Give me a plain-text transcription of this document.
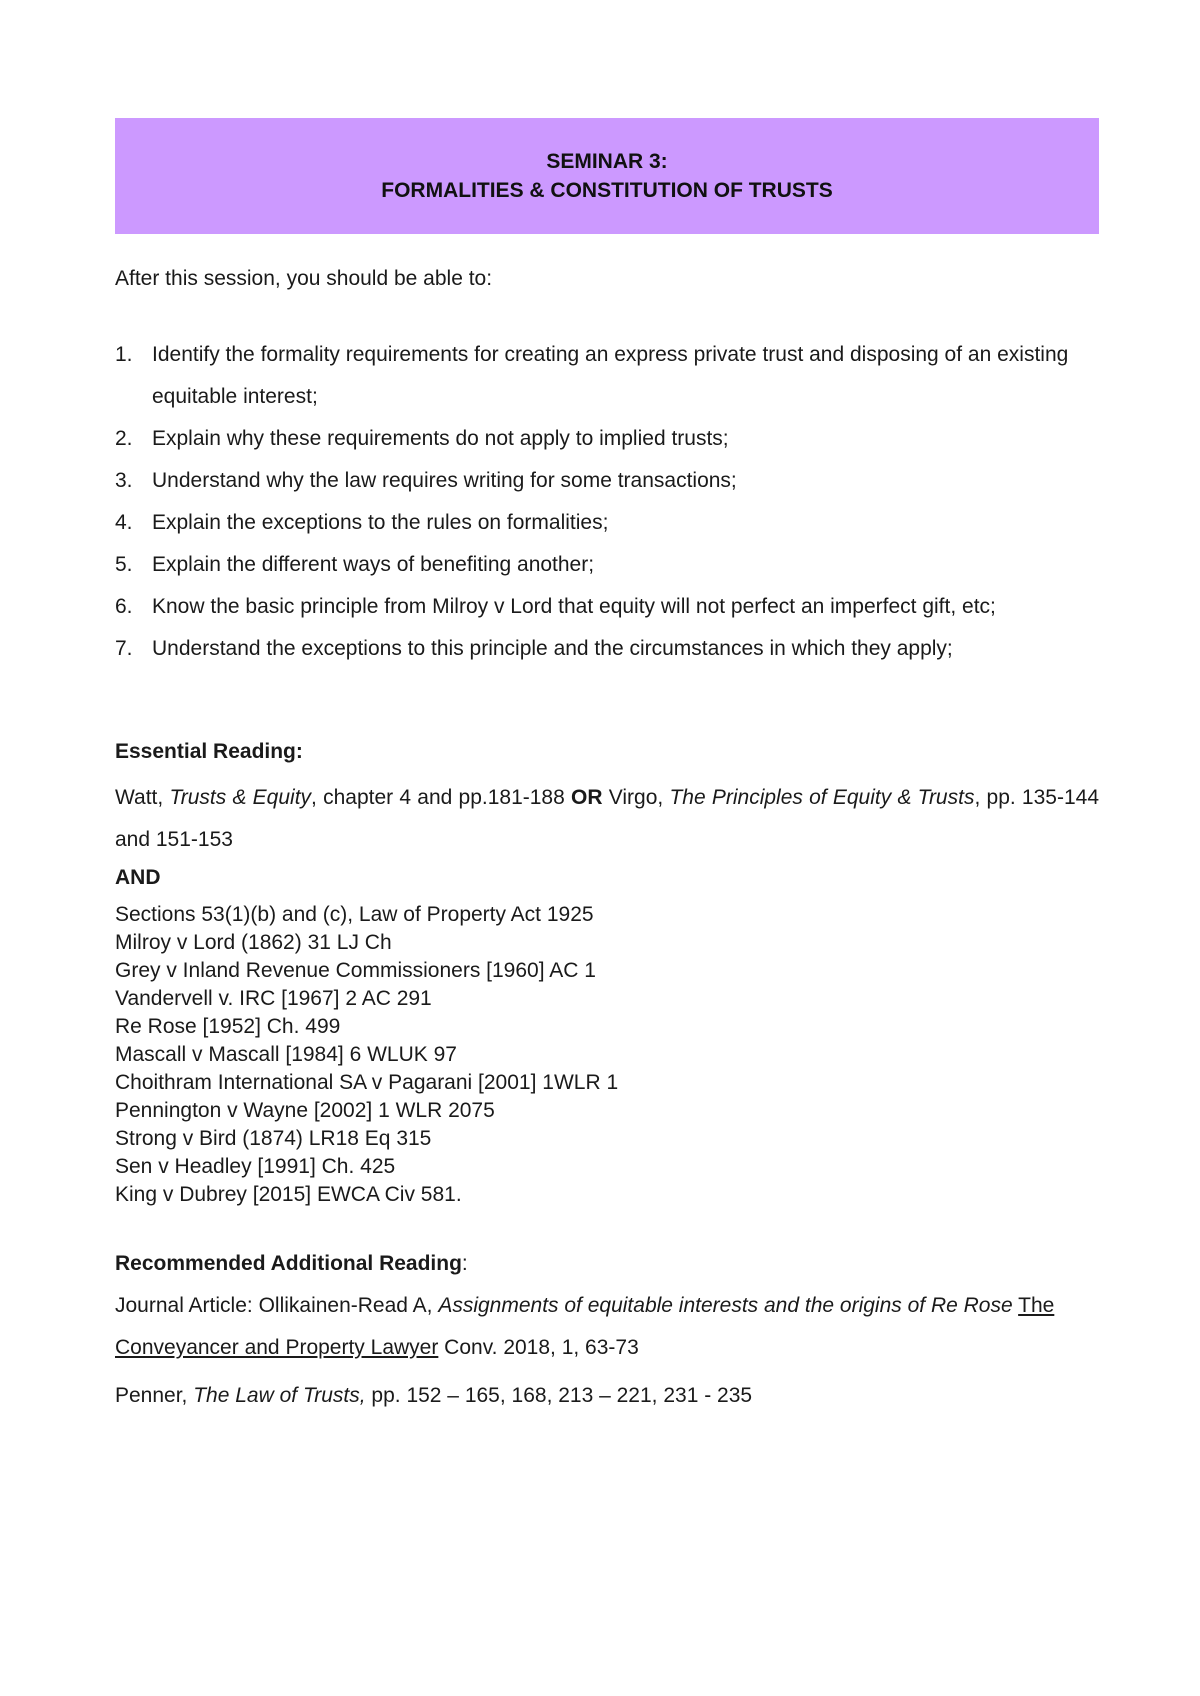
SEMINAR 3:
FORMALITIES & CONSTITUTION OF TRUSTS
After this session, you should be able to:
1. Identify the formality requirements for creating an express private trust and disposing of an existing equitable interest;
2. Explain why these requirements do not apply to implied trusts;
3. Understand why the law requires writing for some transactions;
4. Explain the exceptions to the rules on formalities;
5. Explain the different ways of benefiting another;
6. Know the basic principle from Milroy v Lord that equity will not perfect an imperfect gift, etc;
7. Understand the exceptions to this principle and the circumstances in which they apply;
Essential Reading:
Watt, Trusts & Equity, chapter 4 and pp.181-188 OR Virgo, The Principles of Equity & Trusts, pp. 135-144 and 151-153
AND
Sections 53(1)(b) and (c), Law of Property Act 1925
Milroy v Lord (1862) 31 LJ Ch
Grey v Inland Revenue Commissioners [1960] AC 1
Vandervell v. IRC [1967] 2 AC 291
Re Rose [1952] Ch. 499
Mascall v Mascall [1984] 6 WLUK 97
Choithram International SA v Pagarani [2001] 1WLR 1
Pennington v Wayne [2002] 1 WLR 2075
Strong v Bird (1874) LR18 Eq 315
Sen v Headley [1991] Ch. 425
King v Dubrey [2015] EWCA Civ 581.
Recommended Additional Reading:
Journal Article: Ollikainen-Read A, Assignments of equitable interests and the origins of Re Rose The Conveyancer and Property Lawyer Conv. 2018, 1, 63-73
Penner, The Law of Trusts, pp. 152 – 165, 168, 213 – 221, 231 - 235
